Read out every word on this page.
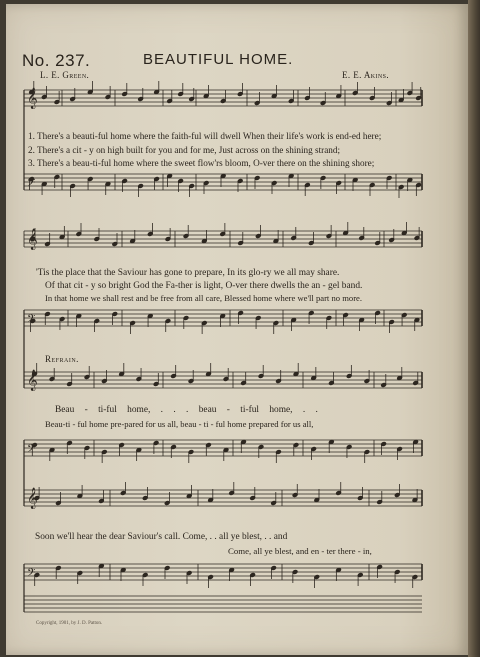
𝄞
𝄢
𝄞
𝄢
𝄞
𝄢
𝄞
𝄢
No. 237.	BEAUTIFUL HOME.
L. E. Green.	E. E. Akins.
1. There's a beauti-ful home where the faith-ful will dwell When their life's work is end-ed here;
2. There's a cit - y on high built for you and for me, Just across on the shining strand;
3. There's a beau-ti-ful home where the sweet flow'rs bloom, O-ver there on the shining shore;
'Tis the place that the Saviour has gone to prepare, In its glo-ry we all may share.
Of that cit - y so bright God the Fa-ther is light, O-ver there dwells the an - gel band.
In that home we shall rest and be free from all care, Blessed home where we'll part no more.
Refrain.
Beau - ti-ful home, . . . beau - ti-ful home, . .
Beau-ti - ful home pre-pared for us all, beau - ti - ful home prepared for us all,
Soon we'll hear the dear Saviour's call. Come, . . all ye blest, . . and
Come, all ye blest, and en - ter there - in,
Copyright, 1901, by J. D. Patton.
